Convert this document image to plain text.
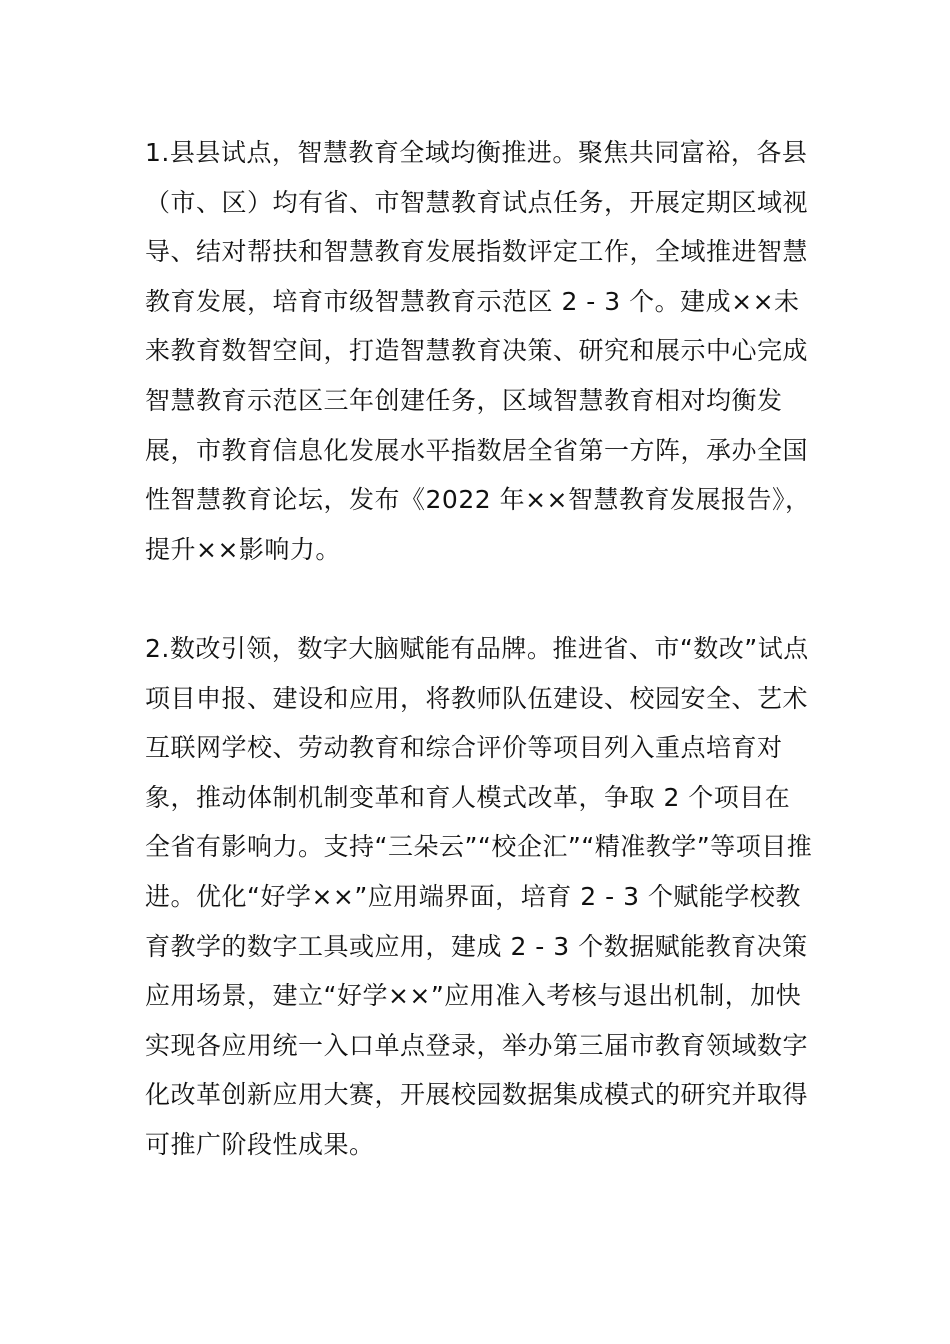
1.县县试点，智慧教育全域均衡推进。聚焦共同富裕，各县（市、区）均有省、市智慧教育试点任务，开展定期区域视导、结对帮扶和智慧教育发展指数评定工作，全域推进智慧教育发展，培育市级智慧教育示范区 2 - 3 个。建成××未来教育数智空间，打造智慧教育决策、研究和展示中心完成智慧教育示范区三年创建任务，区域智慧教育相对均衡发展，市教育信息化发展水平指数居全省第一方阵，承办全国性智慧教育论坛，发布《2022 年××智慧教育发展报告》，提升××影响力。

2.数改引领，数字大脑赋能有品牌。推进省、市“数改”试点项目申报、建设和应用，将教师队伍建设、校园安全、艺术互联网学校、劳动教育和综合评价等项目列入重点培育对象，推动体制机制变革和育人模式改革，争取 2 个项目在全省有影响力。支持“三朵云”“校企汇”“精准教学”等项目推进。优化“好学××”应用端界面，培育 2 - 3 个赋能学校教育教学的数字工具或应用，建成 2 - 3 个数据赋能教育决策应用场景，建立“好学××”应用准入考核与退出机制，加快实现各应用统一入口单点登录，举办第三届市教育领域数字化改革创新应用大赛，开展校园数据集成模式的研究并取得可推广阶段性成果。
